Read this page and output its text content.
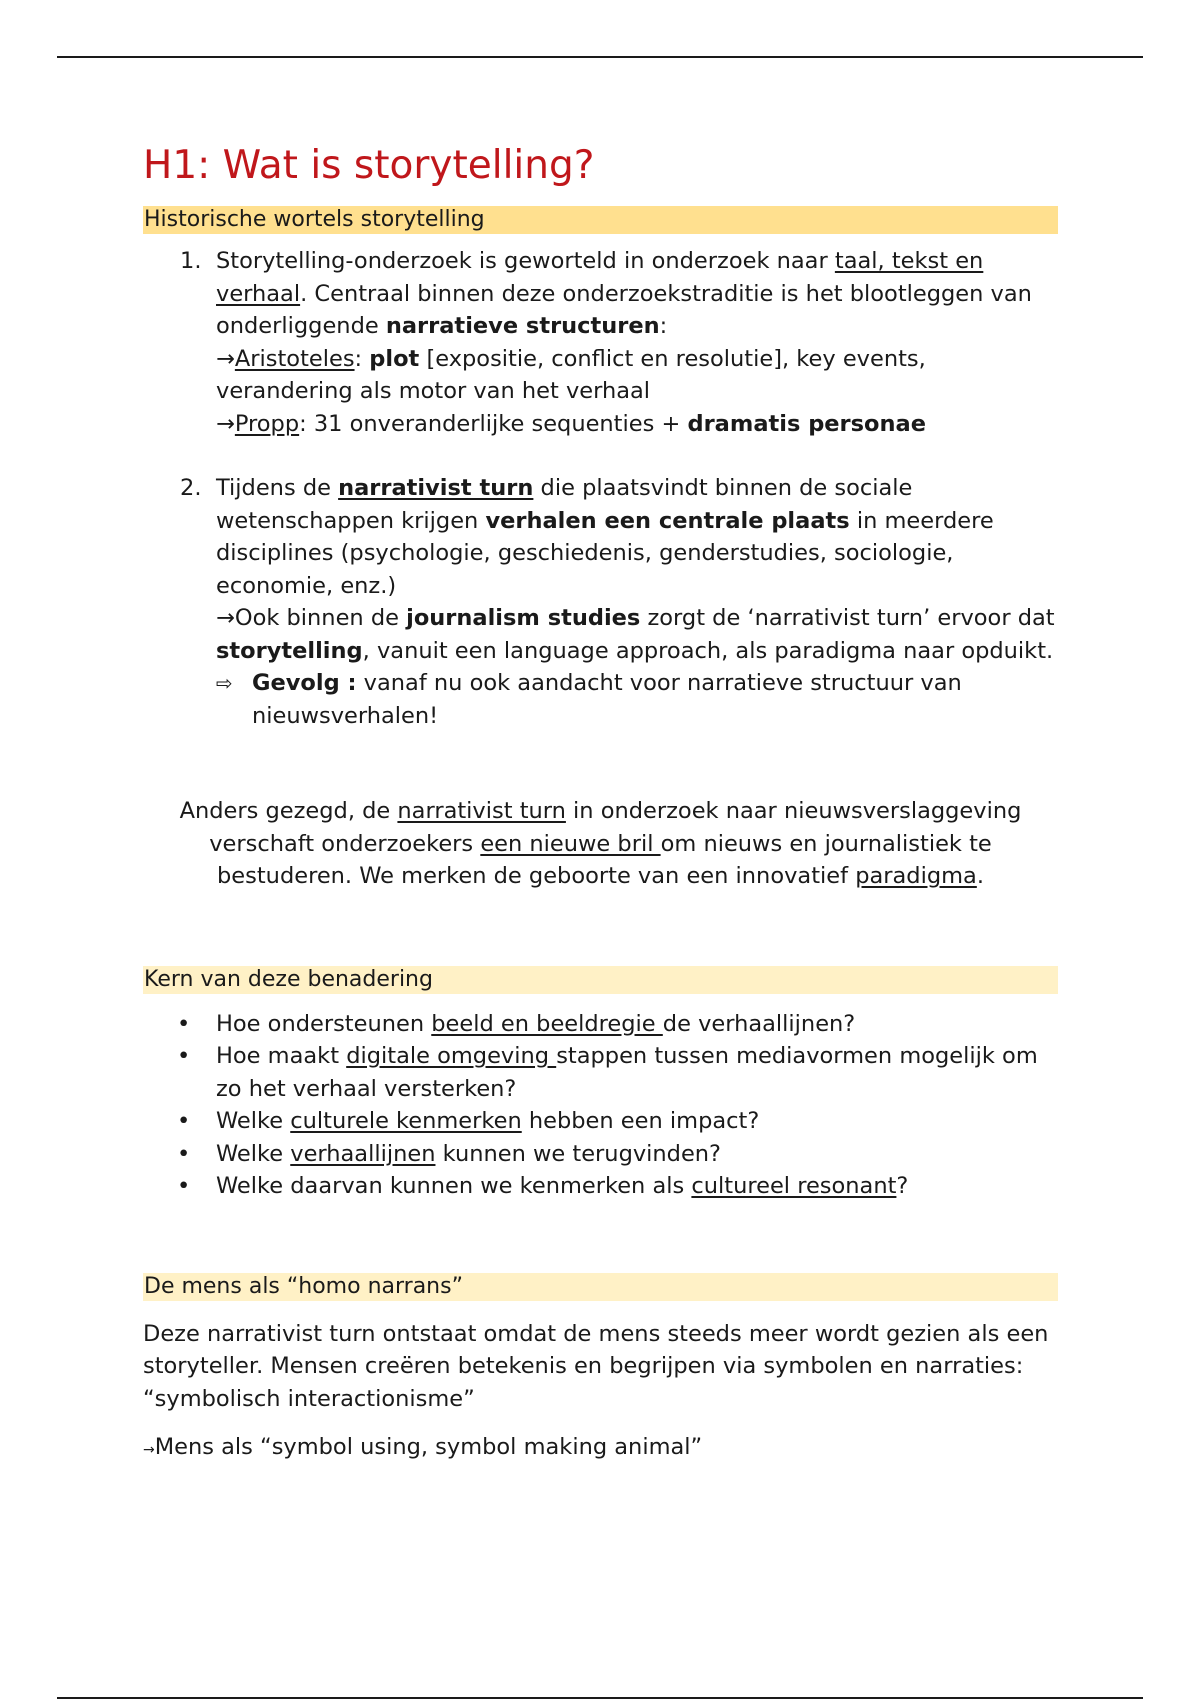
H1: Wat is storytelling?
Historische wortels storytelling
1. Storytelling-onderzoek is geworteld in onderzoek naar taal, tekst en verhaal. Centraal binnen deze onderzoekstraditie is het blootleggen van onderliggende narratieve structuren:
→Aristoteles: plot [expositie, conflict en resolutie], key events, verandering als motor van het verhaal
→Propp: 31 onveranderlijke sequenties + dramatis personae
2. Tijdens de narrativist turn die plaatsvindt binnen de sociale wetenschappen krijgen verhalen een centrale plaats in meerdere disciplines (psychologie, geschiedenis, genderstudies, sociologie, economie, enz.)
→Ook binnen de journalism studies zorgt de ‘narrativist turn’ ervoor dat
storytelling, vanuit een language approach, als paradigma naar opduikt.
⇨ Gevolg : vanaf nu ook aandacht voor narratieve structuur van nieuwsverhalen!
Anders gezegd, de narrativist turn in onderzoek naar nieuwsverslaggeving verschaft onderzoekers een nieuwe bril om nieuws en journalistiek te bestuderen. We merken de geboorte van een innovatief paradigma.
Kern van deze benadering
• Hoe ondersteunen beeld en beeldregie de verhaallijnen?
• Hoe maakt digitale omgeving stappen tussen mediavormen mogelijk om zo het verhaal versterken?
• Welke culturele kenmerken hebben een impact?
• Welke verhaallijnen kunnen we terugvinden?
• Welke daarvan kunnen we kenmerken als cultureel resonant?
De mens als “homo narrans”
Deze narrativist turn ontstaat omdat de mens steeds meer wordt gezien als een storyteller. Mensen creëren betekenis en begrijpen via symbolen en narraties: “symbolisch interactionisme”
→Mens als “symbol using, symbol making animal”
